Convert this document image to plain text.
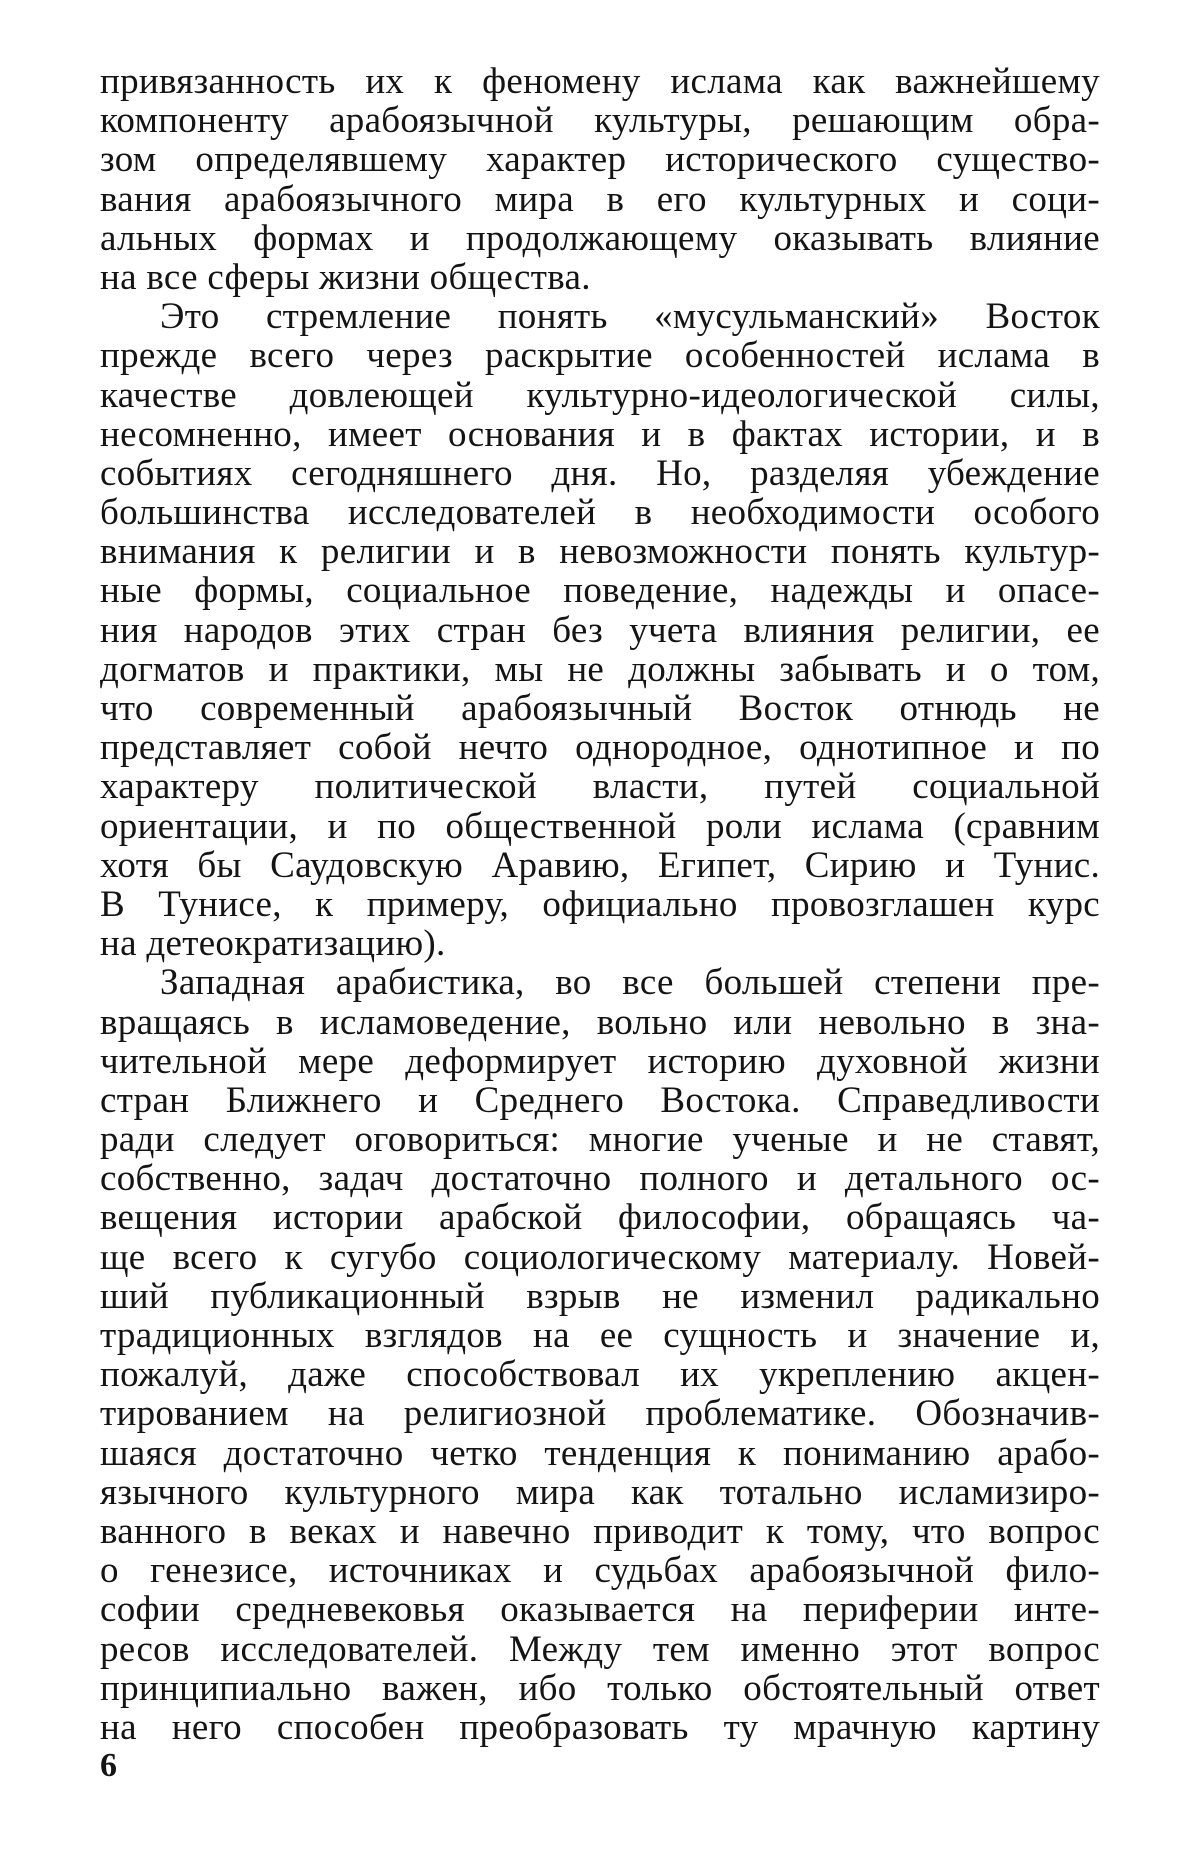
привязанность их к феномену ислама как важнейшему
компоненту арабоязычной культуры, решающим обра-
зом определявшему характер исторического существо-
вания арабоязычного мира в его культурных и соци-
альных формах и продолжающему оказывать влияние
на все сферы жизни общества.
Это стремление понять «мусульманский» Восток
прежде всего через раскрытие особенностей ислама в
качестве довлеющей культурно-идеологической силы,
несомненно, имеет основания и в фактах истории, и в
событиях сегодняшнего дня. Но, разделяя убеждение
большинства исследователей в необходимости особого
внимания к религии и в невозможности понять культур-
ные формы, социальное поведение, надежды и опасе-
ния народов этих стран без учета влияния религии, ее
догматов и практики, мы не должны забывать и о том,
что современный арабоязычный Восток отнюдь не
представляет собой нечто однородное, однотипное и по
характеру политической власти, путей социальной
ориентации, и по общественной роли ислама (сравним
хотя бы Саудовскую Аравию, Египет, Сирию и Тунис.
В Тунисе, к примеру, официально провозглашен курс
на детеократизацию).
Западная арабистика, во все большей степени пре-
вращаясь в исламоведение, вольно или невольно в зна-
чительной мере деформирует историю духовной жизни
стран Ближнего и Среднего Востока. Справедливости
ради следует оговориться: многие ученые и не ставят,
собственно, задач достаточно полного и детального ос-
вещения истории арабской философии, обращаясь ча-
ще всего к сугубо социологическому материалу. Новей-
ший публикационный взрыв не изменил радикально
традиционных взглядов на ее сущность и значение и,
пожалуй, даже способствовал их укреплению акцен-
тированием на религиозной проблематике. Обозначив-
шаяся достаточно четко тенденция к пониманию арабо-
язычного культурного мира как тотально исламизиро-
ванного в веках и навечно приводит к тому, что вопрос
о генезисе, источниках и судьбах арабоязычной фило-
софии средневековья оказывается на периферии инте-
ресов исследователей. Между тем именно этот вопрос
принципиально важен, ибо только обстоятельный ответ
на него способен преобразовать ту мрачную картину
6
